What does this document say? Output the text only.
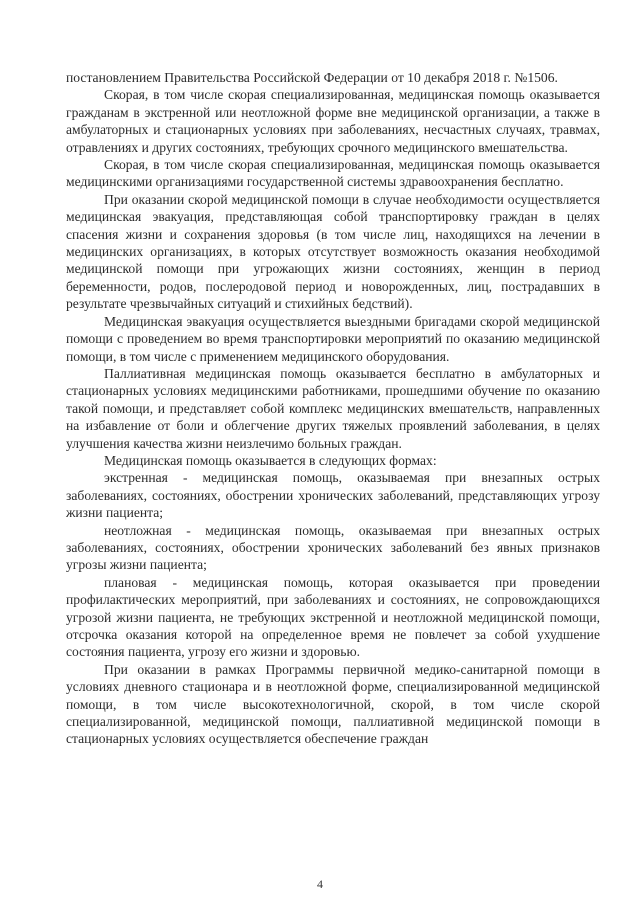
постановлением Правительства Российской Федерации от 10 декабря 2018 г. №1506.

Скорая, в том числе скорая специализированная, медицинская помощь оказывается гражданам в экстренной или неотложной форме вне медицинской организации, а также в амбулаторных и стационарных условиях при заболеваниях, несчастных случаях, травмах, отравлениях и других состояниях, требующих срочного медицинского вмешательства.

Скорая, в том числе скорая специализированная, медицинская помощь оказывается медицинскими организациями государственной системы здравоохранения бесплатно.

При оказании скорой медицинской помощи в случае необходимости осуществляется медицинская эвакуация, представляющая собой транспортировку граждан в целях спасения жизни и сохранения здоровья (в том числе лиц, находящихся на лечении в медицинских организациях, в которых отсутствует возможность оказания необходимой медицинской помощи при угрожающих жизни состояниях, женщин в период беременности, родов, послеродовой период и новорожденных, лиц, пострадавших в результате чрезвычайных ситуаций и стихийных бедствий).

Медицинская эвакуация осуществляется выездными бригадами скорой медицинской помощи с проведением во время транспортировки мероприятий по оказанию медицинской помощи, в том числе с применением медицинского оборудования.

Паллиативная медицинская помощь оказывается бесплатно в амбулаторных и стационарных условиях медицинскими работниками, прошедшими обучение по оказанию такой помощи, и представляет собой комплекс медицинских вмешательств, направленных на избавление от боли и облегчение других тяжелых проявлений заболевания, в целях улучшения качества жизни неизлечимо больных граждан.

Медицинская помощь оказывается в следующих формах:

экстренная - медицинская помощь, оказываемая при внезапных острых заболеваниях, состояниях, обострении хронических заболеваний, представляющих угрозу жизни пациента;

неотложная - медицинская помощь, оказываемая при внезапных острых заболеваниях, состояниях, обострении хронических заболеваний без явных признаков угрозы жизни пациента;

плановая - медицинская помощь, которая оказывается при проведении профилактических мероприятий, при заболеваниях и состояниях, не сопровождающихся угрозой жизни пациента, не требующих экстренной и неотложной медицинской помощи, отсрочка оказания которой на определенное время не повлечет за собой ухудшение состояния пациента, угрозу его жизни и здоровью.

При оказании в рамках Программы первичной медико-санитарной помощи в условиях дневного стационара и в неотложной форме, специализированной медицинской помощи, в том числе высокотехнологичной, скорой, в том числе скорой специализированной, медицинской помощи, паллиативной медицинской помощи в стационарных условиях осуществляется обеспечение граждан

4
